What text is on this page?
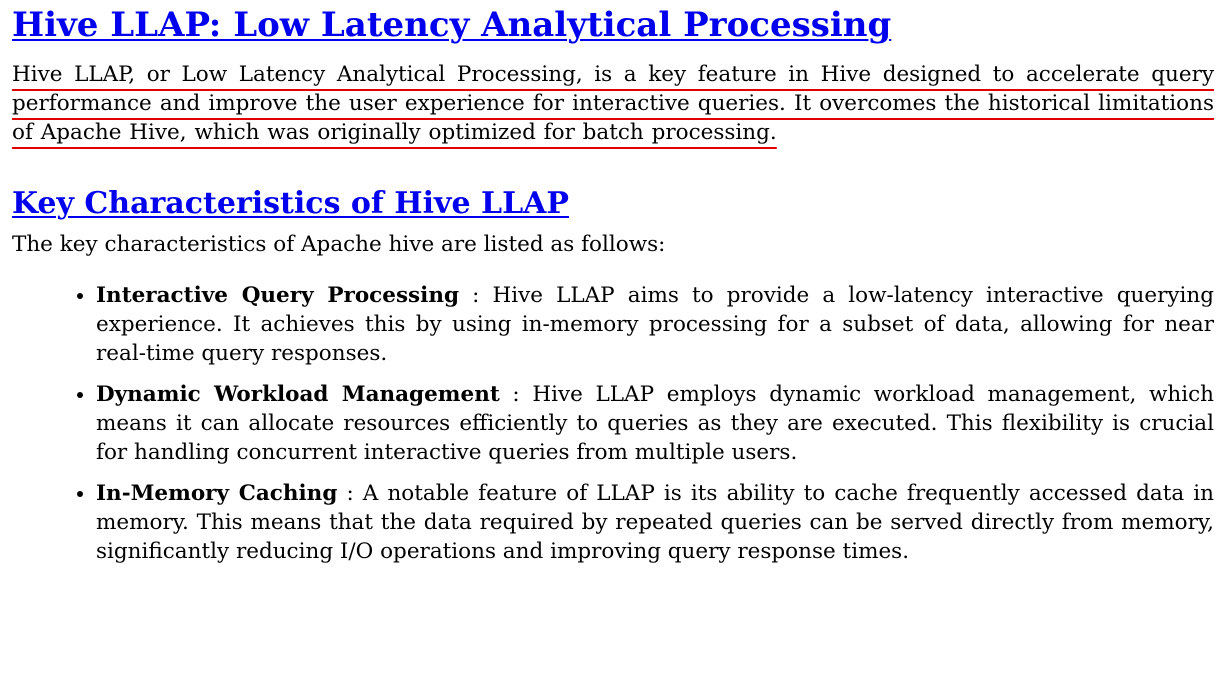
Hive LLAP: Low Latency Analytical Processing

Hive LLAP, or Low Latency Analytical Processing, is a key feature in Hive designed to accelerate query performance and improve the user experience for interactive queries. It overcomes the historical limitations of Apache Hive, which was originally optimized for batch processing.

Key Characteristics of Hive LLAP

The key characteristics of Apache hive are listed as follows:

• Interactive Query Processing : Hive LLAP aims to provide a low-latency interactive querying experience. It achieves this by using in-memory processing for a subset of data, allowing for near real-time query responses.
• Dynamic Workload Management : Hive LLAP employs dynamic workload management, which means it can allocate resources efficiently to queries as they are executed. This flexibility is crucial for handling concurrent interactive queries from multiple users.
• In-Memory Caching : A notable feature of LLAP is its ability to cache frequently accessed data in memory. This means that the data required by repeated queries can be served directly from memory, significantly reducing I/O operations and improving query response times.
